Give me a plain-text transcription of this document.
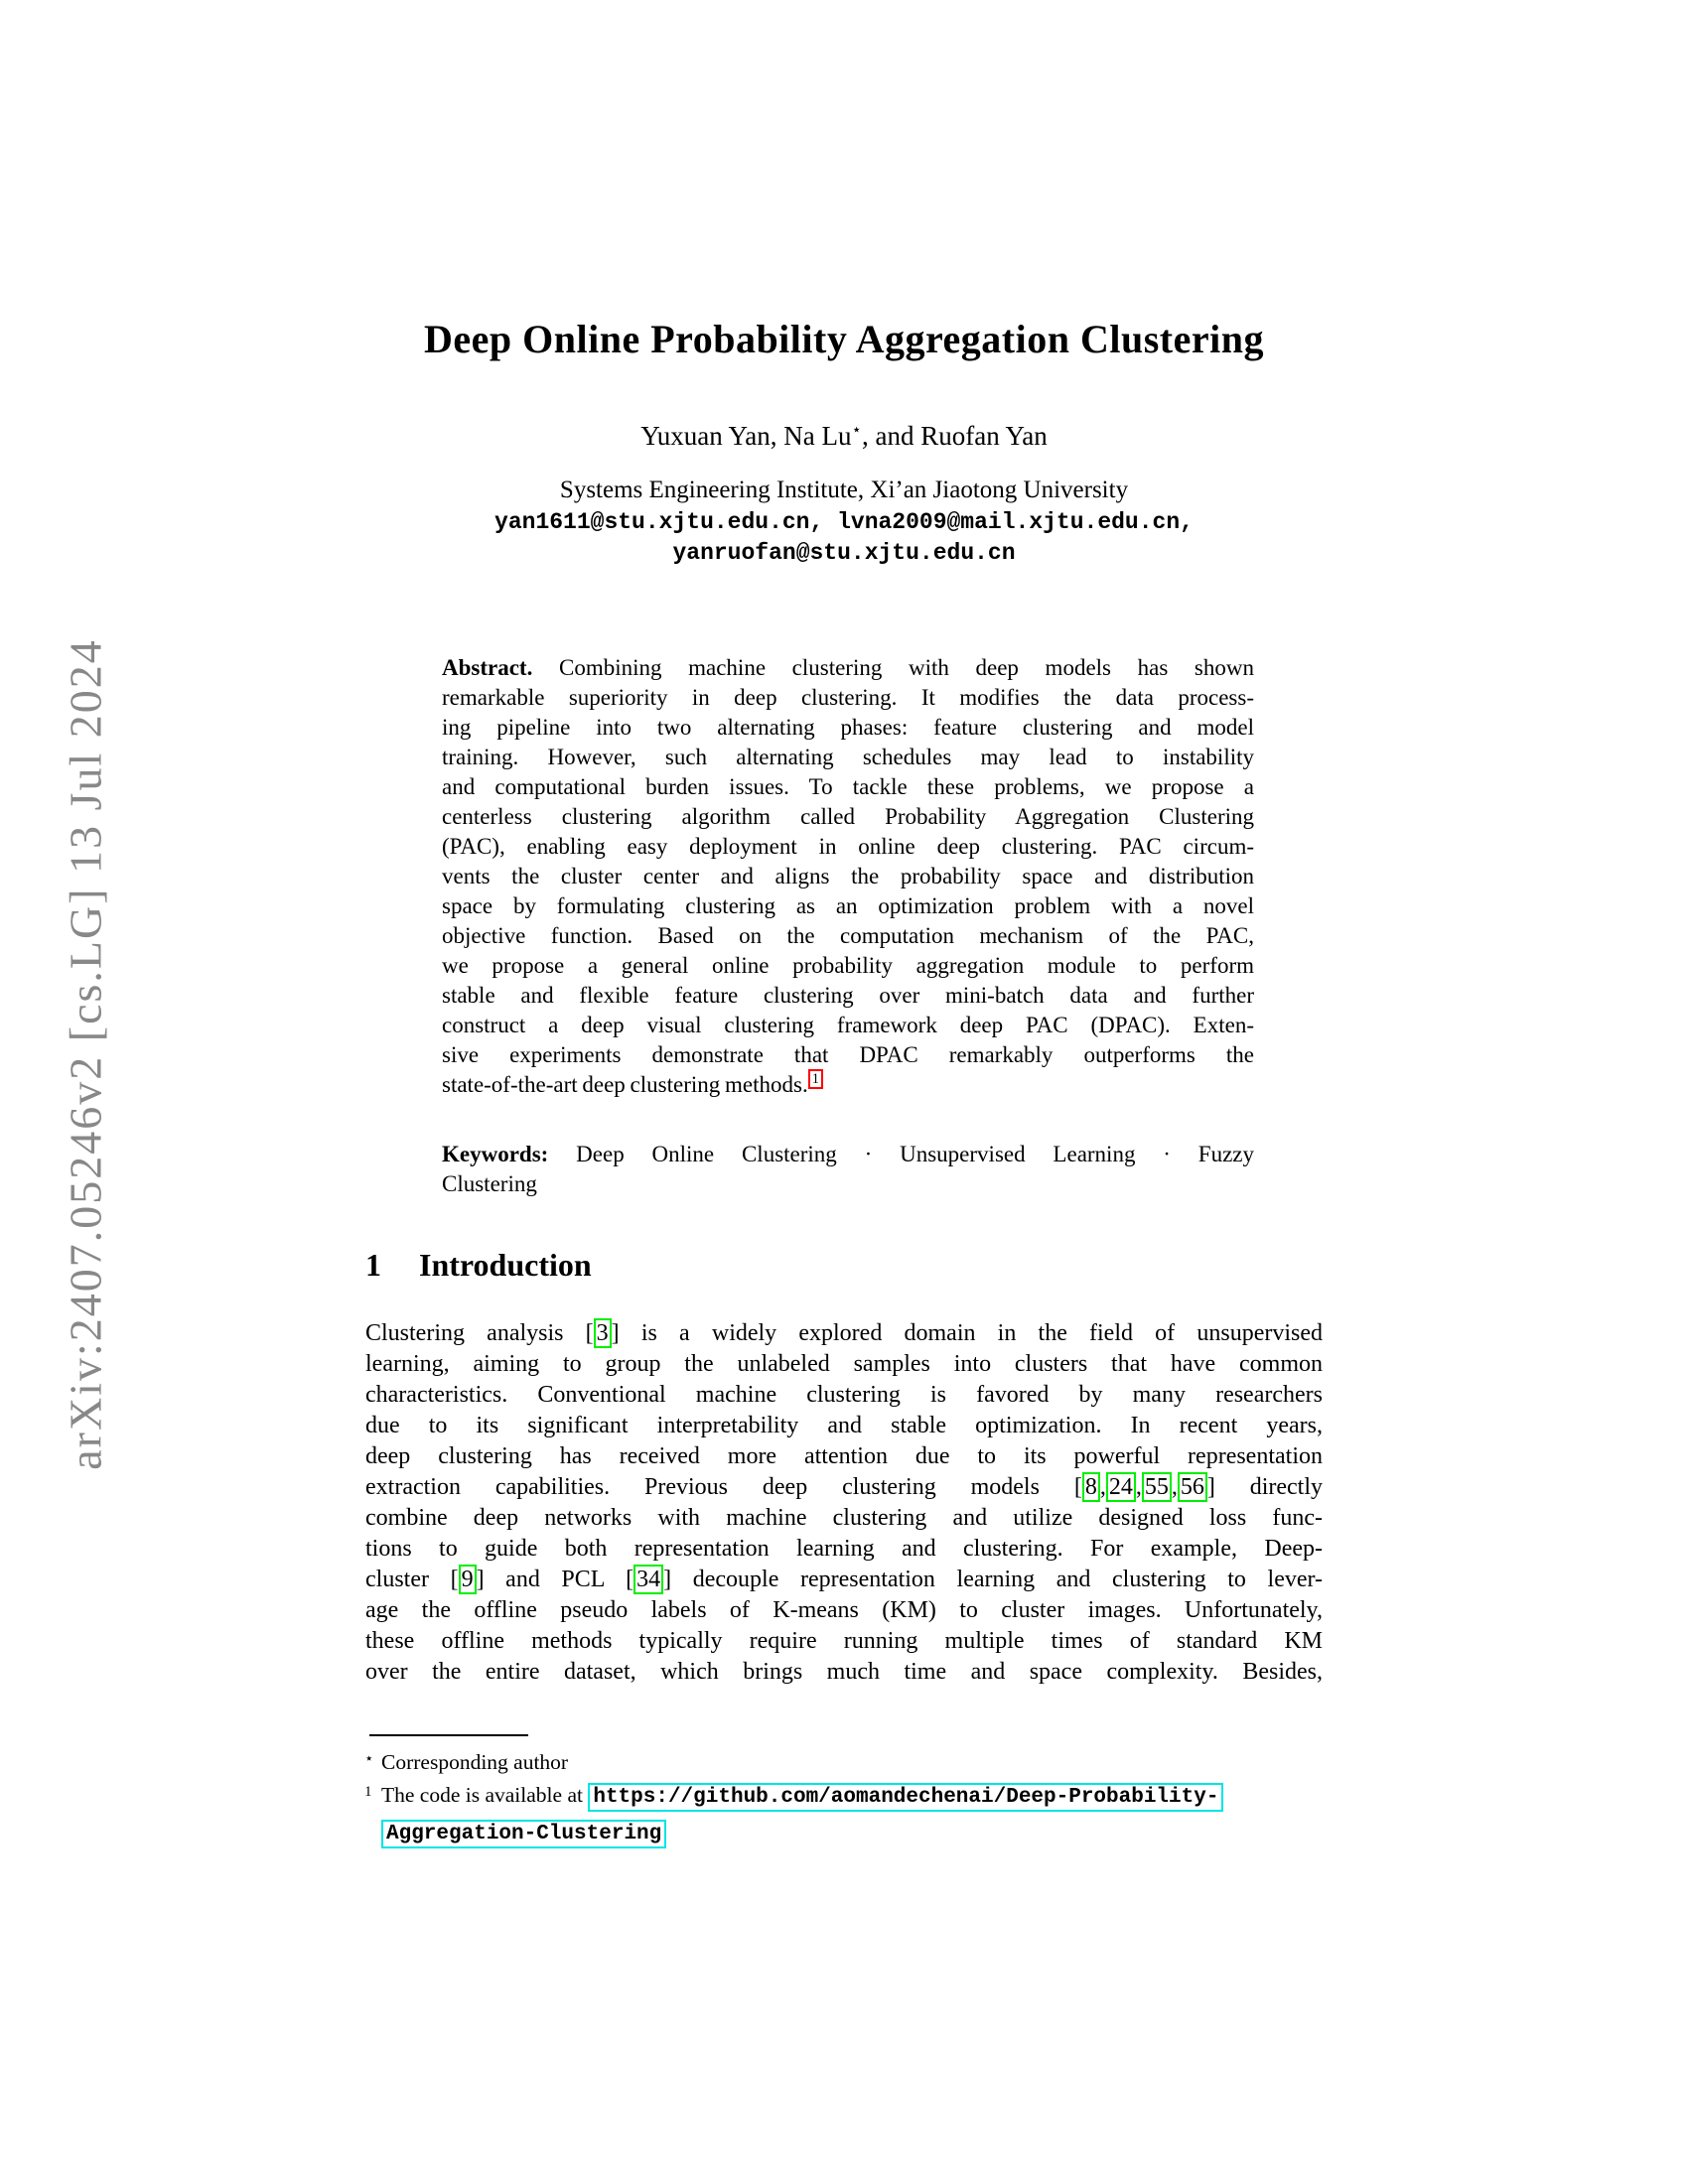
arXiv:2407.05246v2 [cs.LG] 13 Jul 2024
Deep Online Probability Aggregation Clustering
Yuxuan Yan, Na Lu⋆, and Ruofan Yan
Systems Engineering Institute, Xi’an Jiaotong University
yan1611@stu.xjtu.edu.cn, lvna2009@mail.xjtu.edu.cn,
yanruofan@stu.xjtu.edu.cn
Abstract. Combining machine clustering with deep models has shown
remarkable superiority in deep clustering. It modifies the data process-
ing pipeline into two alternating phases: feature clustering and model
training. However, such alternating schedules may lead to instability
and computational burden issues. To tackle these problems, we propose a
centerless clustering algorithm called Probability Aggregation Clustering
(PAC), enabling easy deployment in online deep clustering. PAC circum-
vents the cluster center and aligns the probability space and distribution
space by formulating clustering as an optimization problem with a novel
objective function. Based on the computation mechanism of the PAC,
we propose a general online probability aggregation module to perform
stable and flexible feature clustering over mini-batch data and further
construct a deep visual clustering framework deep PAC (DPAC). Exten-
sive experiments demonstrate that DPAC remarkably outperforms the
state-of-the-art deep clustering methods. $^1$
Keywords: Deep Online Clustering · Unsupervised Learning · Fuzzy
Clustering
1 Introduction
Clustering analysis [ 3 ] is a widely explored domain in the field of unsupervised
learning, aiming to group the unlabeled samples into clusters that have common
characteristics. Conventional machine clustering is favored by many researchers
due to its significant interpretability and stable optimization. In recent years,
deep clustering has received more attention due to its powerful representation
extraction capabilities. Previous deep clustering models [ 8 , 24 , 55 , 56 ] directly
combine deep networks with machine clustering and utilize designed loss func-
tions to guide both representation learning and clustering. For example, Deep-
cluster [ 9 ] and PCL [ 34 ] decouple representation learning and clustering to lever-
age the offline pseudo labels of K-means (KM) to cluster images. Unfortunately,
these offline methods typically require running multiple times of standard KM
over the entire dataset, which brings much time and space complexity. Besides,
⋆ Corresponding author
1 The code is available at https://github.com/aomandechenai/Deep-Probability-
Aggregation-Clustering
